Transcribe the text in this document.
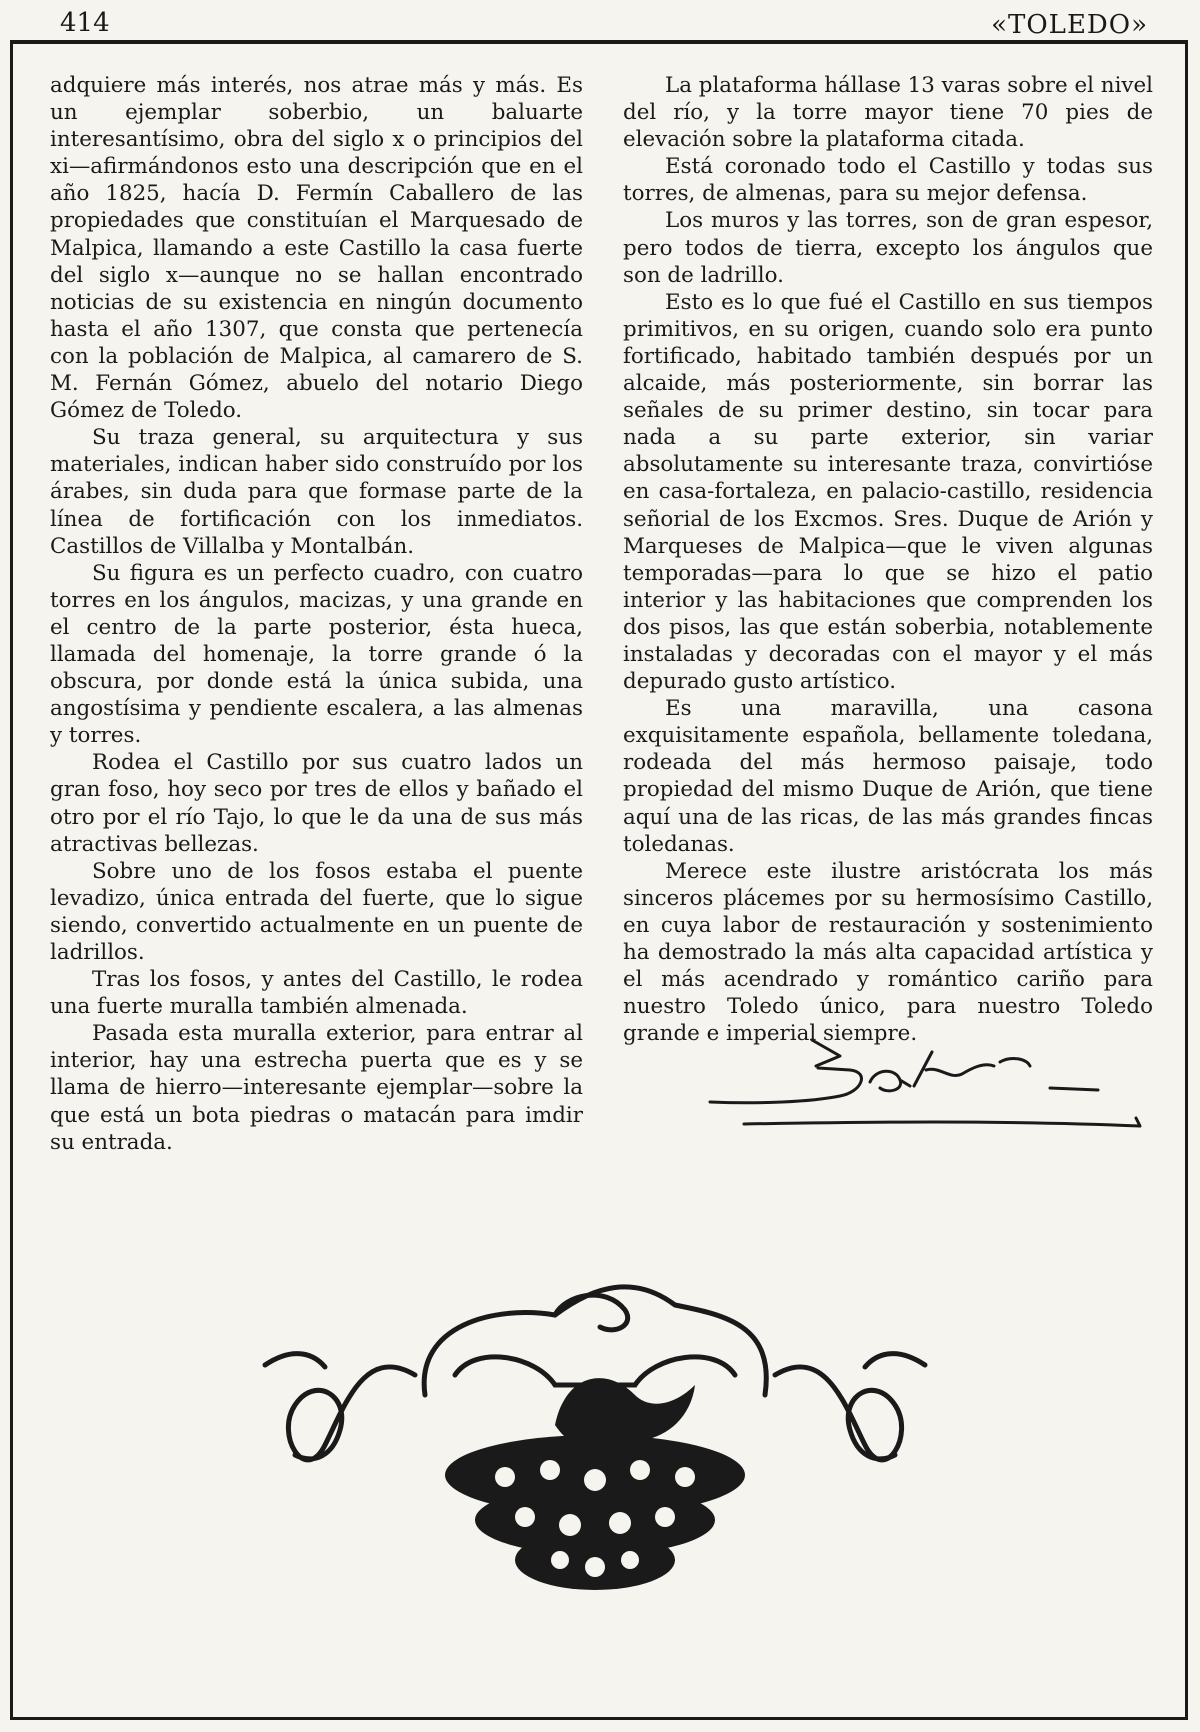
414	«TOLEDO»

adquiere más interés, nos atrae más y más. Es un ejemplar soberbio, un baluarte interesantísimo, obra del siglo x o principios del xi—afirmándonos esto una descripción que en el año 1825, hacía D. Fermín Caballero de las propiedades que constituían el Marquesado de Malpica, llamando a este Castillo la casa fuerte del siglo x—aunque no se hallan encontrado noticias de su existencia en ningún documento hasta el año 1307, que consta que pertenecía con la población de Malpica, al camarero de S. M. Fernán Gómez, abuelo del notario Diego Gómez de Toledo.

Su traza general, su arquitectura y sus materiales, indican haber sido construído por los árabes, sin duda para que formase parte de la línea de fortificación con los inmediatos. Castillos de Villalba y Montalbán.

Su figura es un perfecto cuadro, con cuatro torres en los ángulos, macizas, y una grande en el centro de la parte posterior, ésta hueca, llamada del homenaje, la torre grande ó la obscura, por donde está la única subida, una angostísima y pendiente escalera, a las almenas y torres.

Rodea el Castillo por sus cuatro lados un gran foso, hoy seco por tres de ellos y bañado el otro por el río Tajo, lo que le da una de sus más atractivas bellezas.

Sobre uno de los fosos estaba el puente levadizo, única entrada del fuerte, que lo sigue siendo, convertido actualmente en un puente de ladrillos.

Tras los fosos, y antes del Castillo, le rodea una fuerte muralla también almenada.

Pasada esta muralla exterior, para entrar al interior, hay una estrecha puerta que es y se llama de hierro—interesante ejemplar—sobre la que está un bota piedras o matacán para imdir su entrada.

La plataforma hállase 13 varas sobre el nivel del río, y la torre mayor tiene 70 pies de elevación sobre la plataforma citada.

Está coronado todo el Castillo y todas sus torres, de almenas, para su mejor defensa.

Los muros y las torres, son de gran espesor, pero todos de tierra, excepto los ángulos que son de ladrillo.

Esto es lo que fué el Castillo en sus tiempos primitivos, en su origen, cuando solo era punto fortificado, habitado también después por un alcaide, más posteriormente, sin borrar las señales de su primer destino, sin tocar para nada a su parte exterior, sin variar absolutamente su interesante traza, convirtióse en casa-fortaleza, en palacio-castillo, residencia señorial de los Excmos. Sres. Duque de Arión y Marqueses de Malpica—que le viven algunas temporadas—para lo que se hizo el patio interior y las habitaciones que comprenden los dos pisos, las que están soberbia, notablemente instaladas y decoradas con el mayor y el más depurado gusto artístico.

Es una maravilla, una casona exquisitamente española, bellamente toledana, rodeada del más hermoso paisaje, todo propiedad del mismo Duque de Arión, que tiene aquí una de las ricas, de las más grandes fincas toledanas.

Merece este ilustre aristócrata los más sinceros plácemes por su hermosísimo Castillo, en cuya labor de restauración y sostenimiento ha demostrado la más alta capacidad artística y el más acendrado y romántico cariño para nuestro Toledo único, para nuestro Toledo grande e imperial siempre.
